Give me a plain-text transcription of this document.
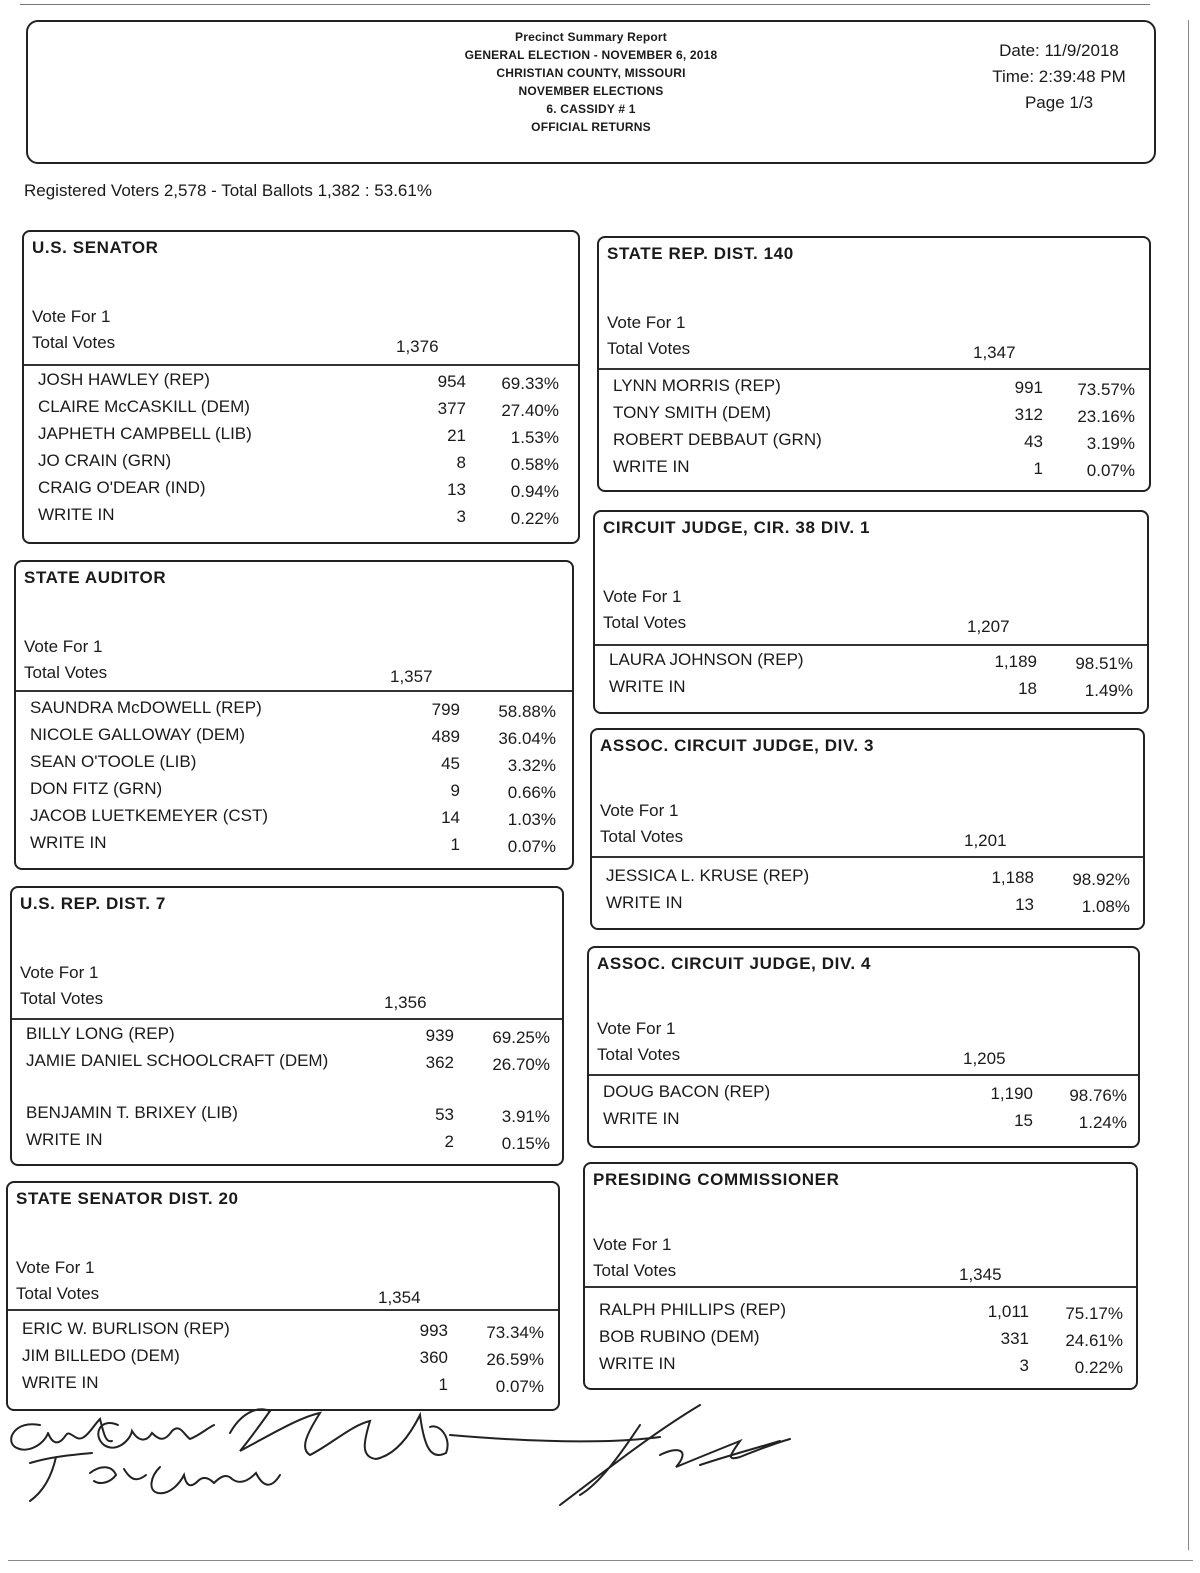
Precinct Summary Report
GENERAL ELECTION - NOVEMBER 6, 2018
CHRISTIAN COUNTY, MISSOURI
NOVEMBER ELECTIONS
6. CASSIDY # 1
OFFICIAL RETURNS
Date: 11/9/2018
Time: 2:39:48 PM
Page 1/3
Registered Voters 2,578 - Total Ballots 1,382 : 53.61%
U.S. SENATOR
Vote For 1
Total Votes	1,376
JOSH HAWLEY (REP)	954	69.33%
CLAIRE McCASKILL (DEM)	377	27.40%
JAPHETH CAMPBELL (LIB)	21	1.53%
JO CRAIN (GRN)	8	0.58%
CRAIG O'DEAR (IND)	13	0.94%
WRITE IN	3	0.22%
STATE AUDITOR
Vote For 1
Total Votes	1,357
SAUNDRA McDOWELL (REP)	799	58.88%
NICOLE GALLOWAY (DEM)	489	36.04%
SEAN O'TOOLE (LIB)	45	3.32%
DON FITZ (GRN)	9	0.66%
JACOB LUETKEMEYER (CST)	14	1.03%
WRITE IN	1	0.07%
U.S. REP. DIST. 7
Vote For 1
Total Votes	1,356
BILLY LONG (REP)	939	69.25%
JAMIE DANIEL SCHOOLCRAFT (DEM)	362	26.70%
BENJAMIN T. BRIXEY (LIB)	53	3.91%
WRITE IN	2	0.15%
STATE SENATOR DIST. 20
Vote For 1
Total Votes	1,354
ERIC W. BURLISON (REP)	993	73.34%
JIM BILLEDO (DEM)	360	26.59%
WRITE IN	1	0.07%
STATE REP. DIST. 140
Vote For 1
Total Votes	1,347
LYNN MORRIS (REP)	991	73.57%
TONY SMITH (DEM)	312	23.16%
ROBERT DEBBAUT (GRN)	43	3.19%
WRITE IN	1	0.07%
CIRCUIT JUDGE, CIR. 38 DIV. 1
Vote For 1
Total Votes	1,207
LAURA JOHNSON (REP)	1,189	98.51%
WRITE IN	18	1.49%
ASSOC. CIRCUIT JUDGE, DIV. 3
Vote For 1
Total Votes	1,201
JESSICA L. KRUSE (REP)	1,188	98.92%
WRITE IN	13	1.08%
ASSOC. CIRCUIT JUDGE, DIV. 4
Vote For 1
Total Votes	1,205
DOUG BACON (REP)	1,190	98.76%
WRITE IN	15	1.24%
PRESIDING COMMISSIONER
Vote For 1
Total Votes	1,345
RALPH PHILLIPS (REP)	1,011	75.17%
BOB RUBINO (DEM)	331	24.61%
WRITE IN	3	0.22%
